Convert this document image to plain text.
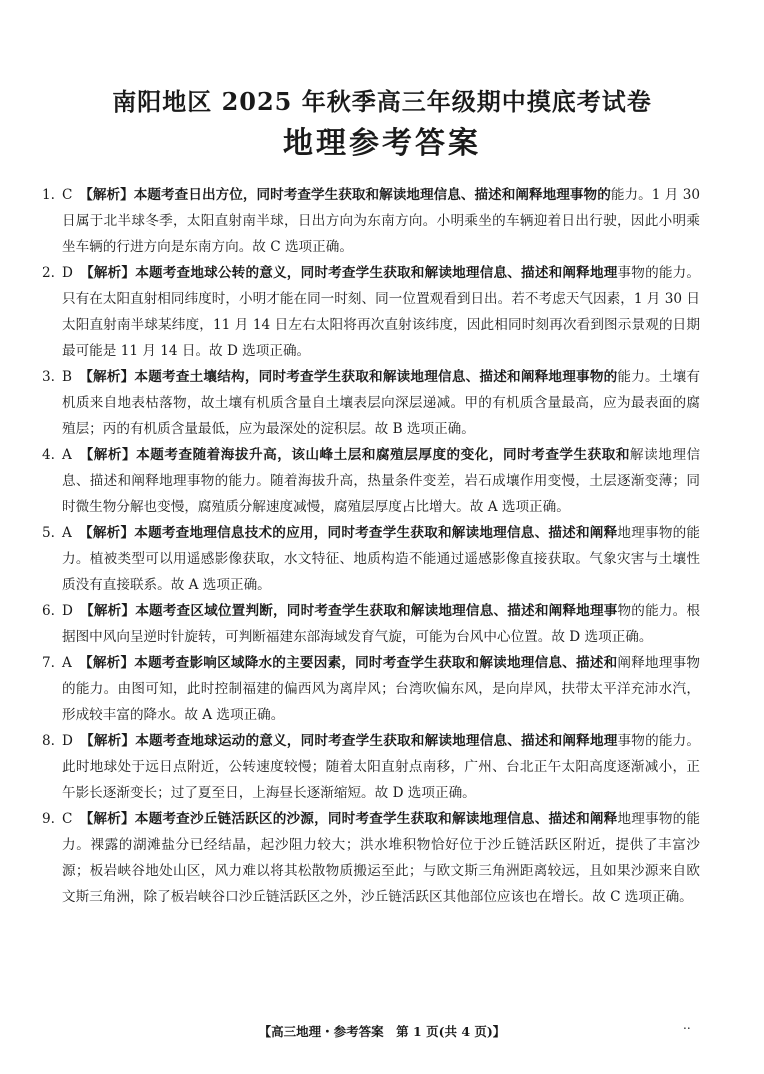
南阳地区 2025 年秋季高三年级期中摸底考试卷
地理参考答案

1. C　 【解析】本题考查日出方位，同时考查学生获取和解读地理信息、描述和阐释地理事物的能力。1 月 30 日属于北半球冬季，太阳直射南半球，日出方向为东南方向。小明乘坐的车辆迎着日出行驶，因此小明乘坐车辆的行进方向是东南方向。故 C 选项正确。

2. D　 【解析】本题考查地球公转的意义，同时考查学生获取和解读地理信息、描述和阐释地理事物的能力。只有在太阳直射相同纬度时，小明才能在同一时刻、同一位置观看到日出。若不考虑天气因素，1 月 30 日太阳直射南半球某纬度，11 月 14 日左右太阳将再次直射该纬度，因此相同时刻再次看到图示景观的日期最可能是 11 月 14 日。故 D 选项正确。

3. B　 【解析】本题考查土壤结构，同时考查学生获取和解读地理信息、描述和阐释地理事物的能力。土壤有机质来自地表枯落物，故土壤有机质含量自土壤表层向深层递减。甲的有机质含量最高，应为最表面的腐殖层；丙的有机质含量最低，应为最深处的淀积层。故 B 选项正确。

4. A　 【解析】本题考查随着海拔升高，该山峰土层和腐殖层厚度的变化，同时考查学生获取和解读地理信息、描述和阐释地理事物的能力。随着海拔升高，热量条件变差，岩石成壤作用变慢，土层逐渐变薄；同时微生物分解也变慢，腐殖质分解速度减慢，腐殖层厚度占比增大。故 A 选项正确。

5. A　 【解析】本题考查地理信息技术的应用，同时考查学生获取和解读地理信息、描述和阐释地理事物的能力。植被类型可以用遥感影像获取，水文特征、地质构造不能通过遥感影像直接获取。气象灾害与土壤性质没有直接联系。故 A 选项正确。

6. D　 【解析】本题考查区域位置判断，同时考查学生获取和解读地理信息、描述和阐释地理事物的能力。根据图中风向呈逆时针旋转，可判断福建东部海域发育气旋，可能为台风中心位置。故 D 选项正确。

7. A　 【解析】本题考查影响区域降水的主要因素，同时考查学生获取和解读地理信息、描述和阐释地理事物的能力。由图可知，此时控制福建的偏西风为离岸风；台湾吹偏东风，是向岸风，扶带太平洋充沛水汽，形成较丰富的降水。故 A 选项正确。

8. D　 【解析】本题考查地球运动的意义，同时考查学生获取和解读地理信息、描述和阐释地理事物的能力。此时地球处于远日点附近，公转速度较慢；随着太阳直射点南移，广州、台北正午太阳高度逐渐减小，正午影长逐渐变长；过了夏至日，上海昼长逐渐缩短。故 D 选项正确。

9. C　 【解析】本题考查沙丘链活跃区的沙源，同时考查学生获取和解读地理信息、描述和阐释地理事物的能力。裸露的湖滩盐分已经结晶，起沙阻力较大；洪水堆积物恰好位于沙丘链活跃区附近，提供了丰富沙源；板岩峡谷地处山区，风力难以将其松散物质搬运至此；与欧文斯三角洲距离较远，且如果沙源来自欧文斯三角洲，除了板岩峡谷口沙丘链活跃区之外，沙丘链活跃区其他部位应该也在增长。故 C 选项正确。

【高三地理・参考答案　第 1 页(共 4 页)】	..
